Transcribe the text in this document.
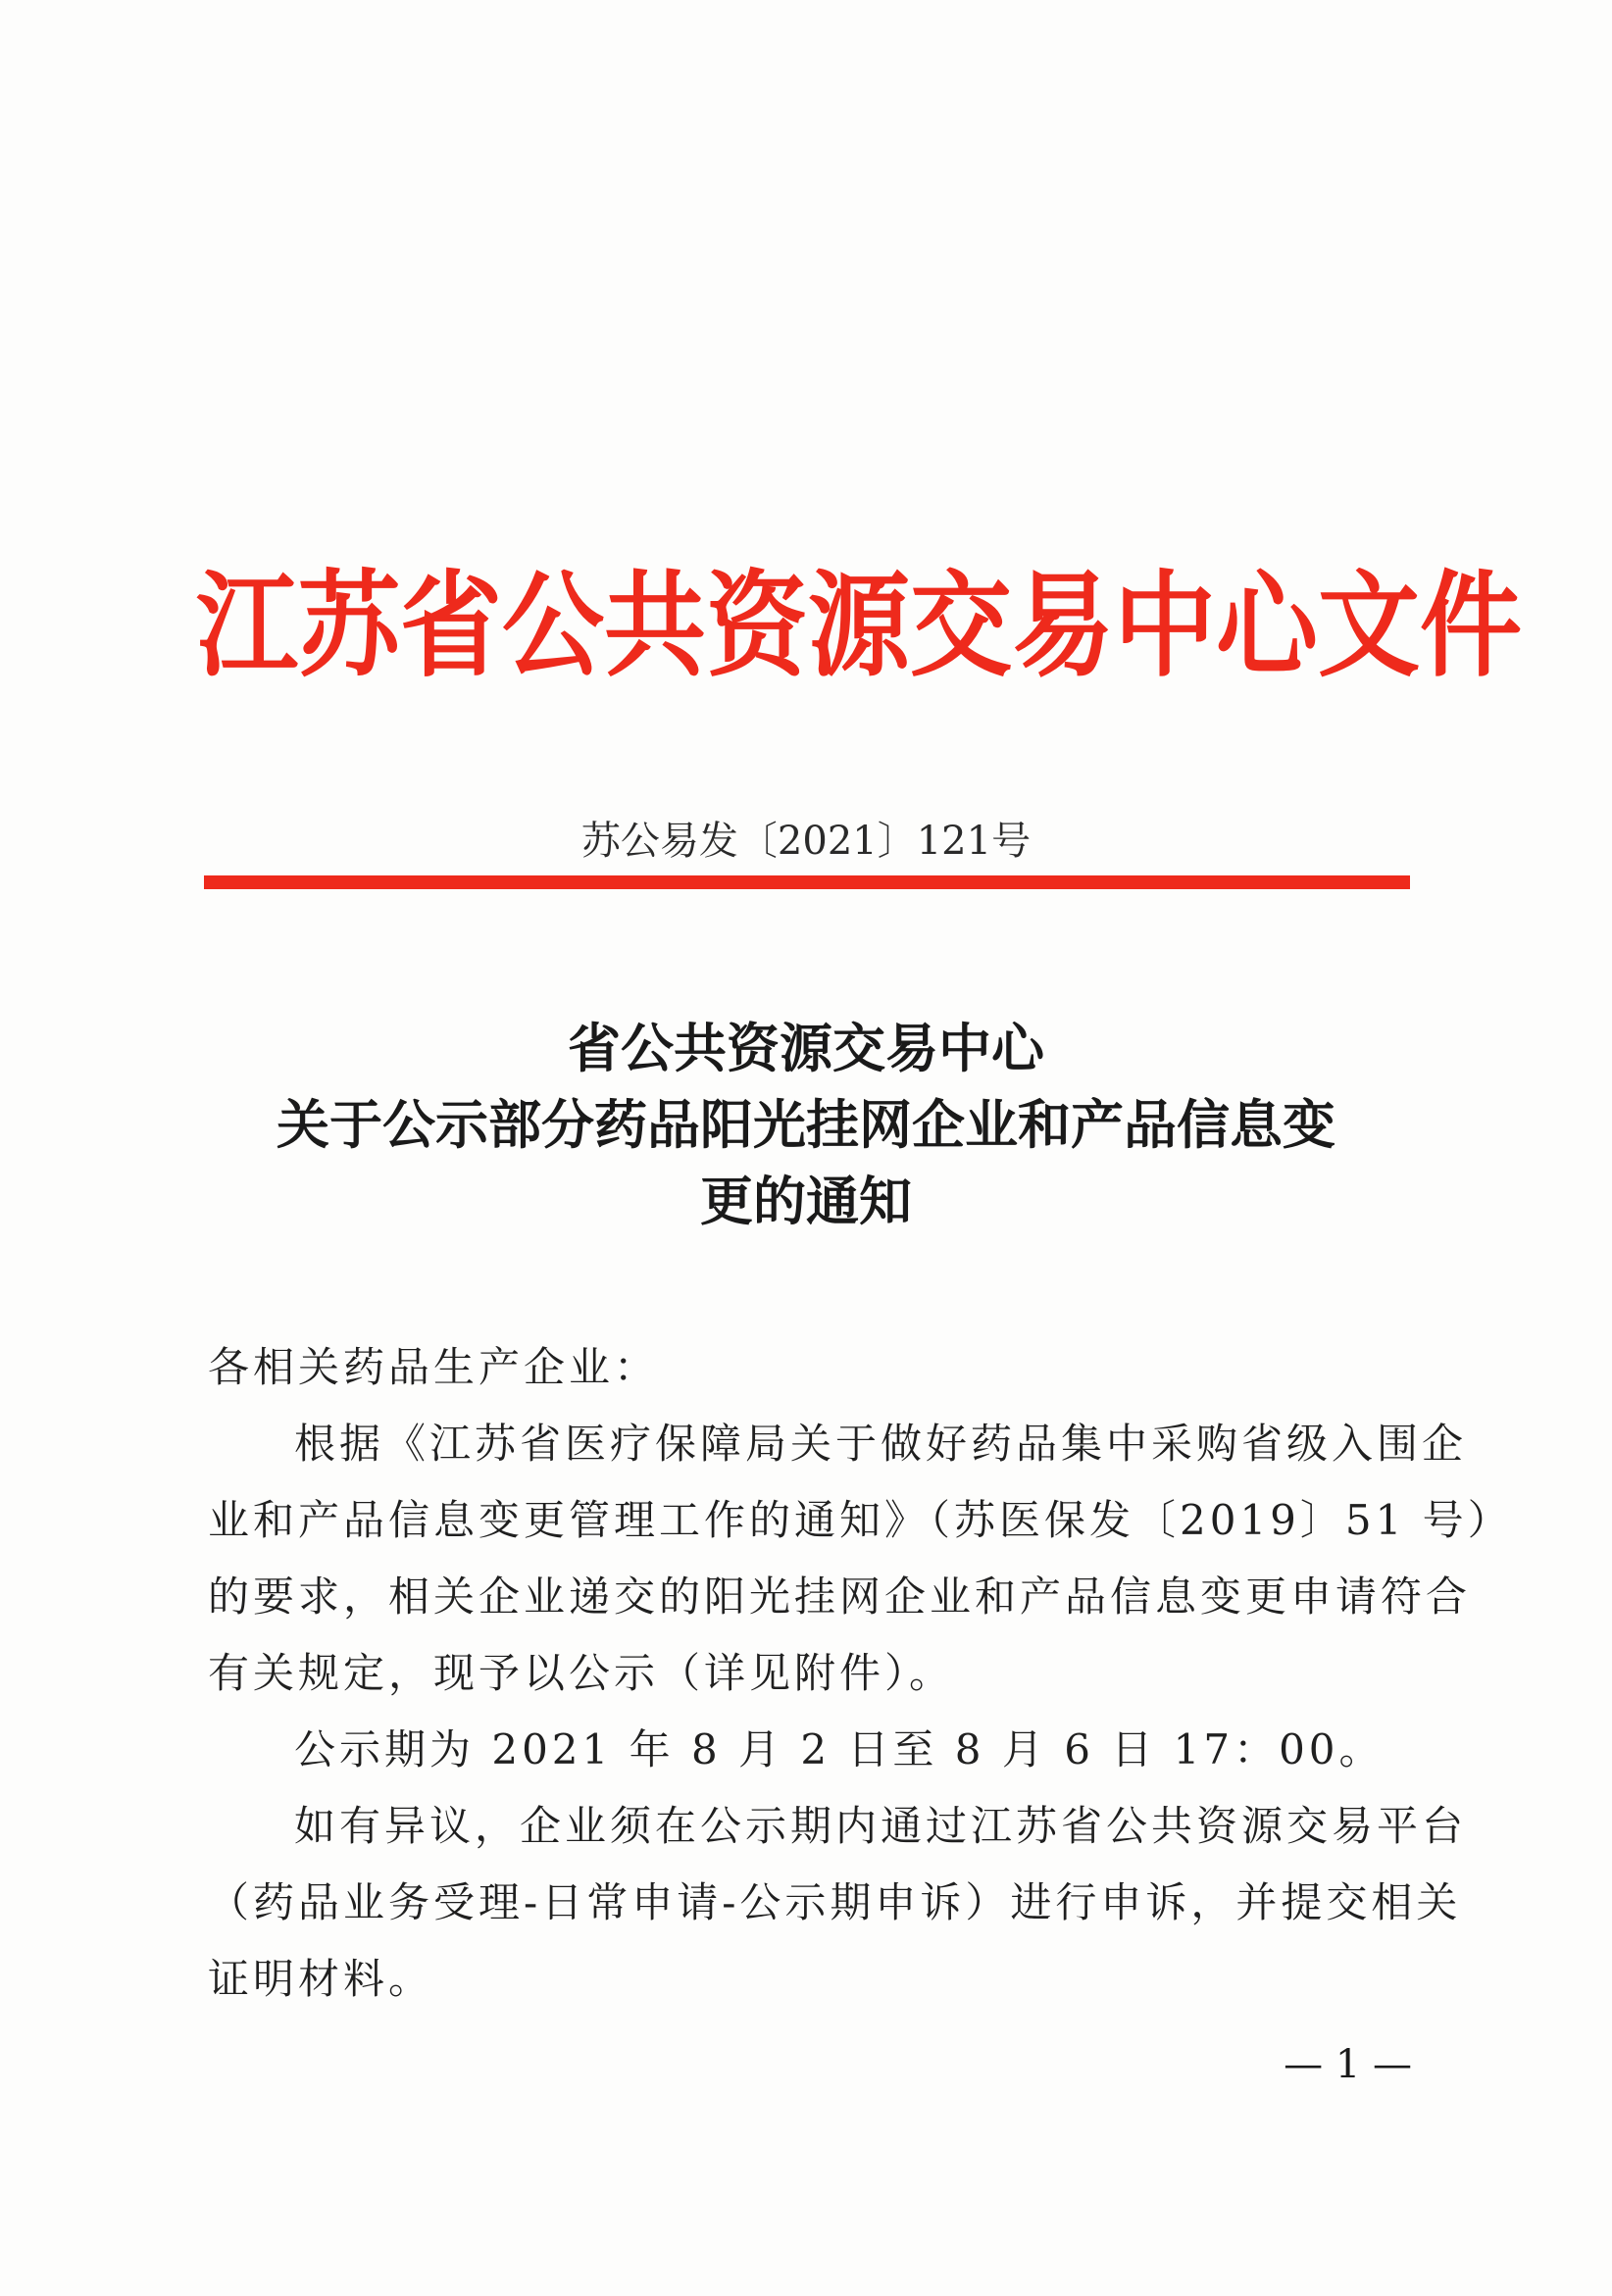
江苏省公共资源交易中心文件
苏公易发〔2021〕121号
省公共资源交易中心
关于公示部分药品阳光挂网企业和产品信息变
更的通知
各相关药品生产企业：
根据《江苏省医疗保障局关于做好药品集中采购省级入围企
业和产品信息变更管理工作的通知》（苏医保发〔2019〕51 号）
的要求，相关企业递交的阳光挂网企业和产品信息变更申请符合
有关规定，现予以公示（详见附件）。
公示期为 2021 年 8 月 2 日至 8 月 6 日 17：00。
如有异议，企业须在公示期内通过江苏省公共资源交易平台
（药品业务受理-日常申请-公示期申诉）进行申诉，并提交相关
证明材料。
— 1 —
